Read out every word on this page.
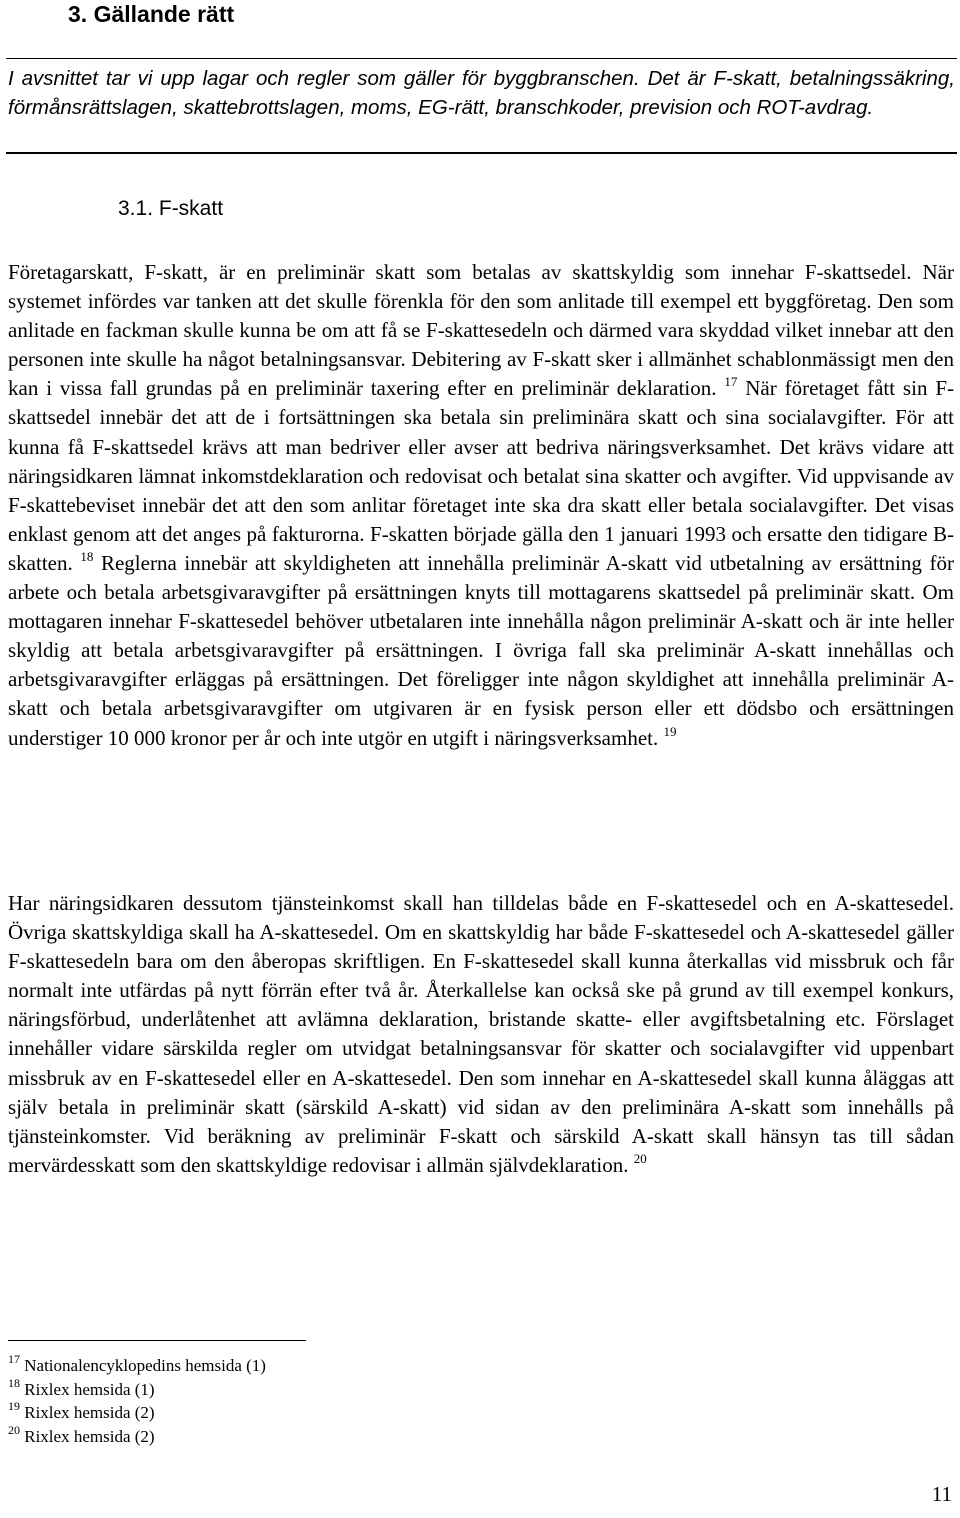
3. Gällande rätt
I avsnittet tar vi upp lagar och regler som gäller för byggbranschen. Det är F-skatt, betalningssäkring, förmånsrättslagen, skattebrottslagen, moms, EG-rätt, branschkoder, prevision och ROT-avdrag.
3.1. F-skatt
Företagarskatt, F-skatt, är en preliminär skatt som betalas av skattskyldig som innehar F-skattsedel. När systemet infördes var tanken att det skulle förenkla för den som anlitade till exempel ett byggföretag. Den som anlitade en fackman skulle kunna be om att få se F-skattesedeln och därmed vara skyddad vilket innebar att den personen inte skulle ha något betalningsansvar. Debitering av F-skatt sker i allmänhet schablonmässigt men den kan i vissa fall grundas på en preliminär taxering efter en preliminär deklaration. $^{17}$ När företaget fått sin F-skattsedel innebär det att de i fortsättningen ska betala sin preliminära skatt och sina socialavgifter. För att kunna få F-skattsedel krävs att man bedriver eller avser att bedriva näringsverksamhet. Det krävs vidare att näringsidkaren lämnat inkomstdeklaration och redovisat och betalat sina skatter och avgifter. Vid uppvisande av F-skattebeviset innebär det att den som anlitar företaget inte ska dra skatt eller betala socialavgifter. Det visas enklast genom att det anges på fakturorna. F-skatten började gälla den 1 januari 1993 och ersatte den tidigare B-skatten. $^{18}$ Reglerna innebär att skyldigheten att innehålla preliminär A-skatt vid utbetalning av ersättning för arbete och betala arbetsgivaravgifter på ersättningen knyts till mottagarens skattsedel på preliminär skatt. Om mottagaren innehar F-skattesedel behöver utbetalaren inte innehålla någon preliminär A-skatt och är inte heller skyldig att betala arbetsgivaravgifter på ersättningen. I övriga fall ska preliminär A-skatt innehållas och arbetsgivaravgifter erläggas på ersättningen. Det föreligger inte någon skyldighet att innehålla preliminär A-skatt och betala arbetsgivaravgifter om utgivaren är en fysisk person eller ett dödsbo och ersättningen understiger 10 000 kronor per år och inte utgör en utgift i näringsverksamhet. $^{19}$
Har näringsidkaren dessutom tjänsteinkomst skall han tilldelas både en F-skattesedel och en A-skattesedel. Övriga skattskyldiga skall ha A-skattesedel. Om en skattskyldig har både F-skattesedel och A-skattesedel gäller F-skattesedeln bara om den åberopas skriftligen. En F-skattesedel skall kunna återkallas vid missbruk och får normalt inte utfärdas på nytt förrän efter två år. Återkallelse kan också ske på grund av till exempel konkurs, näringsförbud, underlåtenhet att avlämna deklaration, bristande skatte- eller avgiftsbetalning etc. Förslaget innehåller vidare särskilda regler om utvidgat betalningsansvar för skatter och socialavgifter vid uppenbart missbruk av en F-skattesedel eller en A-skattesedel. Den som innehar en A-skattesedel skall kunna åläggas att själv betala in preliminär skatt (särskild A-skatt) vid sidan av den preliminära A-skatt som innehålls på tjänsteinkomster. Vid beräkning av preliminär F-skatt och särskild A-skatt skall hänsyn tas till sådan mervärdesskatt som den skattskyldige redovisar i allmän självdeklaration. $^{20}$
$^{17}$ Nationalencyklopedins hemsida (1)
$^{18}$ Rixlex hemsida (1)
$^{19}$ Rixlex hemsida (2)
$^{20}$ Rixlex hemsida (2)
11
